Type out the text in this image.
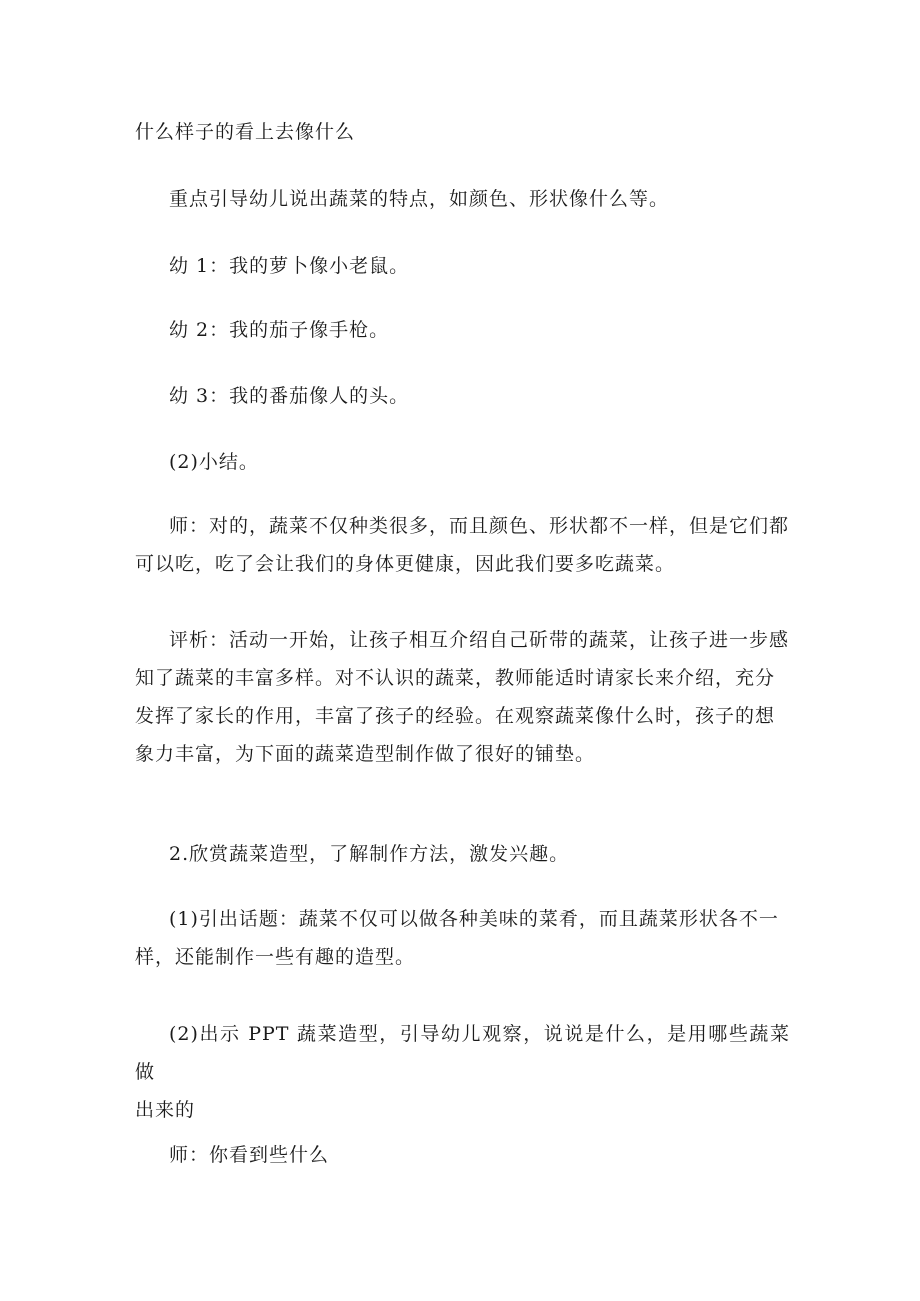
什么样子的看上去像什么

重点引导幼儿说出蔬菜的特点，如颜色、形状像什么等。

幼 1：我的萝卜像小老鼠。

幼 2：我的茄子像手枪。

幼 3：我的番茄像人的头。

(2)小结。

师：对的，蔬菜不仅种类很多，而且颜色、形状都不一样，但是它们都
可以吃，吃了会让我们的身体更健康，因此我们要多吃蔬菜。

评析：活动一开始，让孩子相互介绍自己斫带的蔬菜，让孩子进一步感
知了蔬菜的丰富多样。对不认识的蔬菜，教师能适时请家长来介绍，充分
发挥了家长的作用，丰富了孩子的经验。在观察蔬菜像什么时，孩子的想
象力丰富，为下面的蔬菜造型制作做了很好的铺垫。

2.欣赏蔬菜造型，了解制作方法，激发兴趣。

(1)引出话题：蔬菜不仅可以做各种美味的菜肴，而且蔬菜形状各不一
样，还能制作一些有趣的造型。

(2)出示 PPT 蔬菜造型，引导幼儿观察，说说是什么，是用哪些蔬菜做
出来的

师：你看到些什么
